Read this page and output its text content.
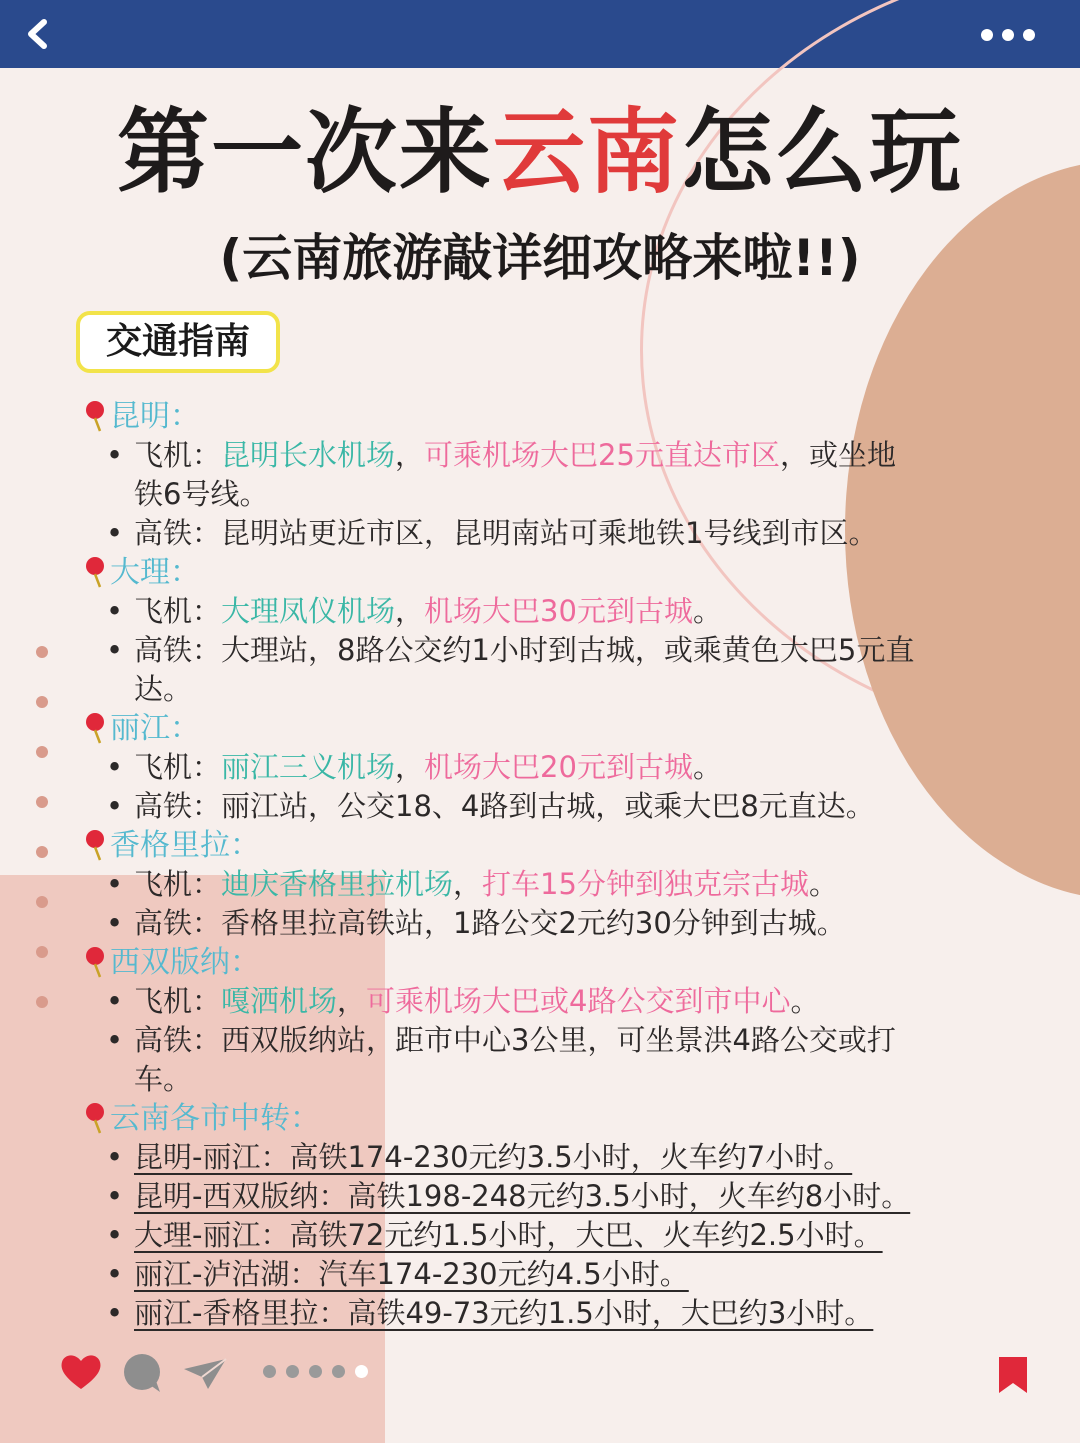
第一次来云南怎么玩
(云南旅游敲详细攻略来啦!!)
交通指南
昆明：
• 飞机：昆明长水机场，可乘机场大巴25元直达市区，或坐地
铁6号线。
• 高铁：昆明站更近市区，昆明南站可乘地铁1号线到市区。
大理：
• 飞机：大理凤仪机场，机场大巴30元到古城。
• 高铁：大理站，8路公交约1小时到古城，或乘黄色大巴5元直
达。
丽江：
• 飞机：丽江三义机场，机场大巴20元到古城。
• 高铁：丽江站，公交18、4路到古城，或乘大巴8元直达。
香格里拉：
• 飞机：迪庆香格里拉机场，打车15分钟到独克宗古城。
• 高铁：香格里拉高铁站，1路公交2元约30分钟到古城。
西双版纳：
• 飞机：嘎洒机场，可乘机场大巴或4路公交到市中心。
• 高铁：西双版纳站，距市中心3公里，可坐景洪4路公交或打
车。
云南各市中转：
• 昆明-丽江：高铁174-230元约3.5小时，火车约7小时。
• 昆明-西双版纳：高铁198-248元约3.5小时，火车约8小时。
• 大理-丽江：高铁72元约1.5小时，大巴、火车约2.5小时。
• 丽江-泸沽湖：汽车174-230元约4.5小时。
• 丽江-香格里拉：高铁49-73元约1.5小时，大巴约3小时。
